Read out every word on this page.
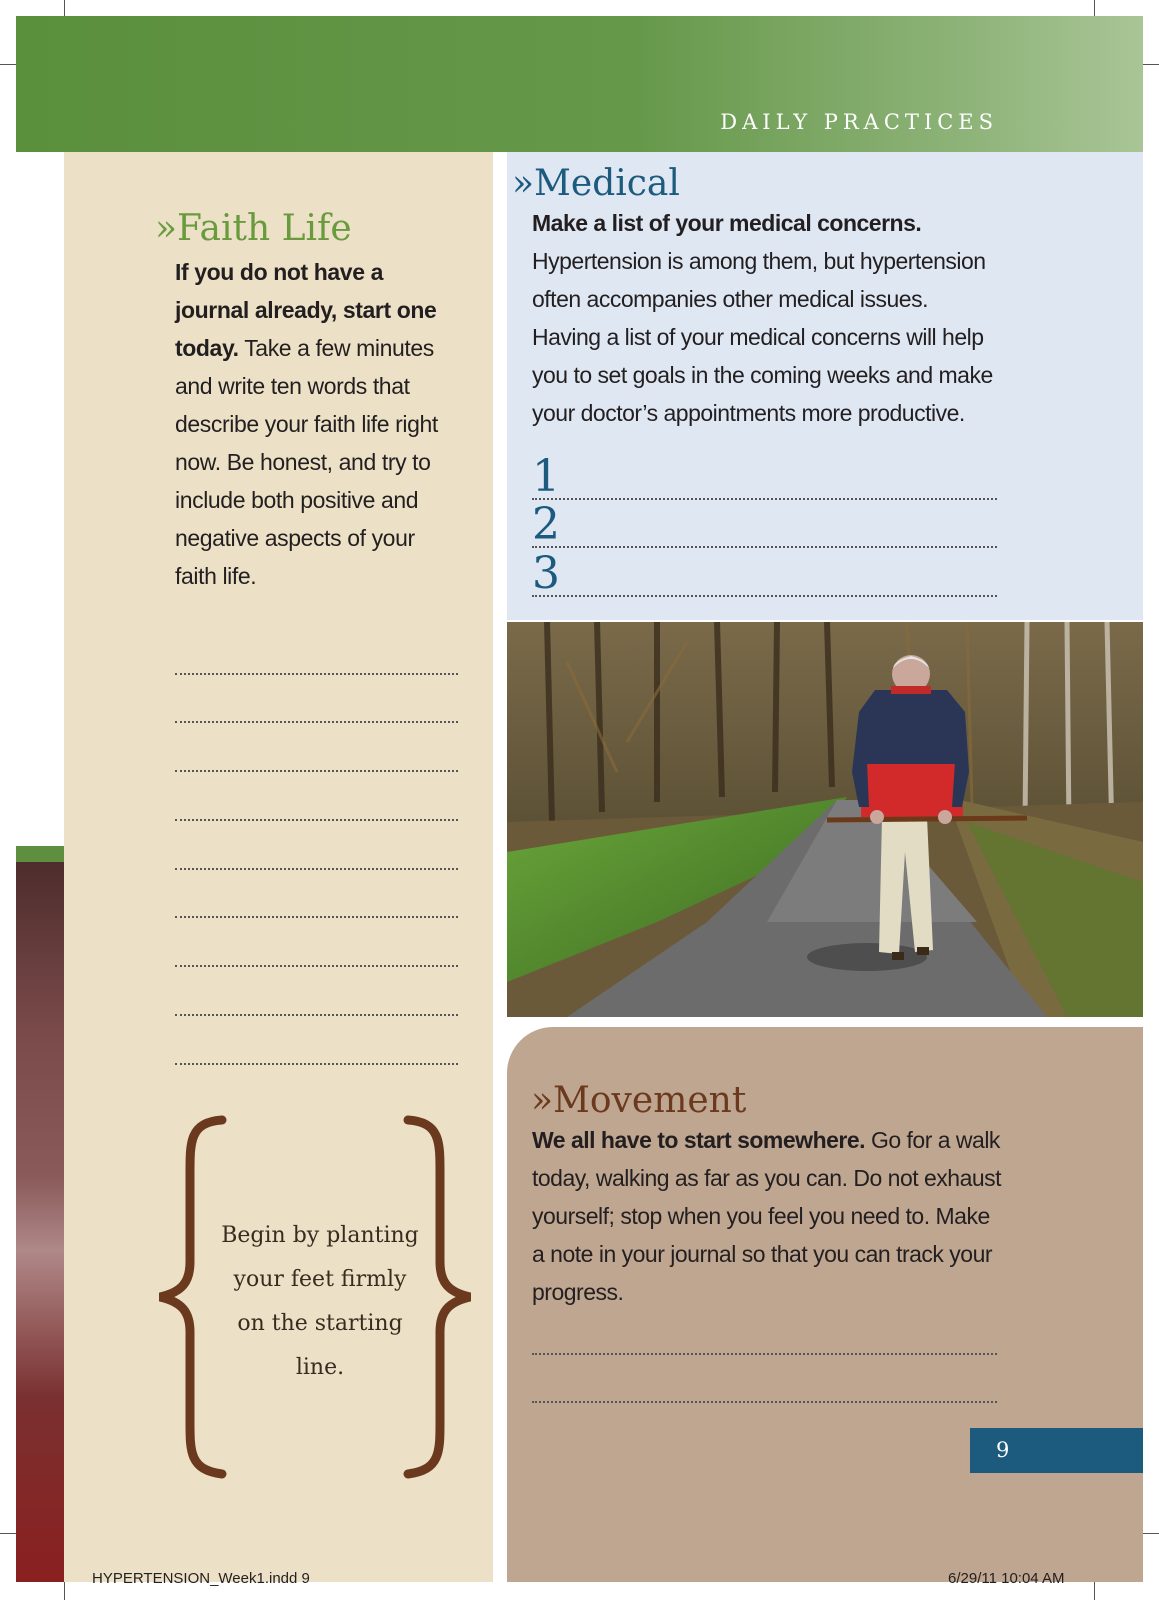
DAILY PRACTICES
»Faith Life

If you do not have a journal already, start one today. Take a few minutes and write ten words that describe your faith life right now. Be honest, and try to include both positive and negative aspects of your faith life.

Begin by planting
your feet firmly
on the starting
line.
»Medical

Make a list of your medical concerns. Hypertension is among them, but hypertension often accompanies other medical issues. Having a list of your medical concerns will help you to set goals in the coming weeks and make your doctor’s appointments more productive.

1
2
3
»Movement

We all have to start somewhere. Go for a walk today, walking as far as you can. Do not exhaust yourself; stop when you feel you need to. Make a note in your journal so that you can track your progress.

9
HYPERTENSION_Week1.indd 9	6/29/11 10:04 AM
